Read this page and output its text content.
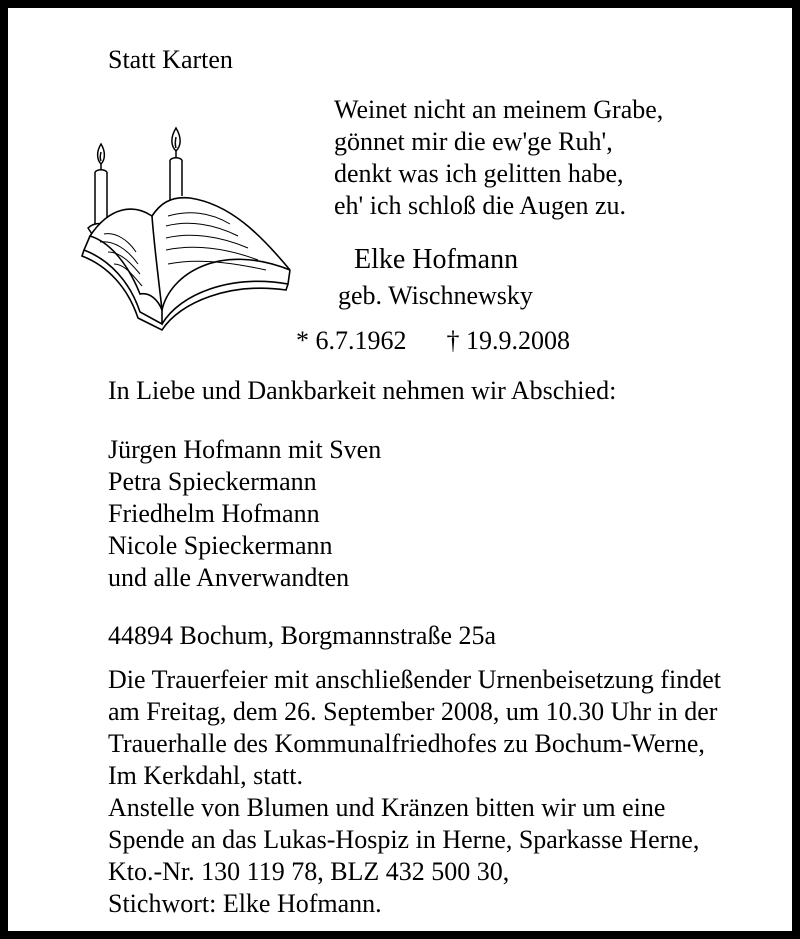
Statt Karten
Weinet nicht an meinem Grabe,
gönnet mir die ew'ge Ruh',
denkt was ich gelitten habe,
eh' ich schloß die Augen zu.
Elke Hofmann
geb. Wischnewsky
* 6.7.1962 † 19.9.2008
In Liebe und Dankbarkeit nehmen wir Abschied:
Jürgen Hofmann mit Sven
Petra Spieckermann
Friedhelm Hofmann
Nicole Spieckermann
und alle Anverwandten
44894 Bochum, Borgmannstraße 25a
Die Trauerfeier mit anschließender Urnenbeisetzung findet
am Freitag, dem 26. September 2008, um 10.30 Uhr in der
Trauerhalle des Kommunalfriedhofes zu Bochum-Werne,
Im Kerkdahl, statt.
Anstelle von Blumen und Kränzen bitten wir um eine
Spende an das Lukas-Hospiz in Herne, Sparkasse Herne,
Kto.-Nr. 130 119 78, BLZ 432 500 30,
Stichwort: Elke Hofmann.
